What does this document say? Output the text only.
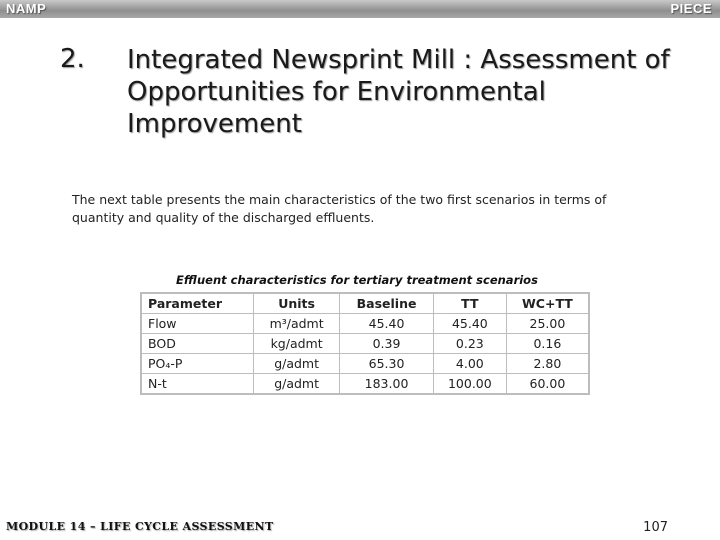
NAMP	PIECE
2. Integrated Newsprint Mill : Assessment of
Opportunities for Environmental
Improvement
The next table presents the main characteristics of the two first scenarios in terms of
quantity and quality of the discharged effluents.
Effluent characteristics for tertiary treatment scenarios
Parameter	Units	Baseline	TT	WC+TT
Flow	m³/admt	45.40	45.40	25.00
BOD	kg/admt	0.39	0.23	0.16
PO₄-P	g/admt	65.30	4.00	2.80
N-t	g/admt	183.00	100.00	60.00
MODULE 14 – LIFE CYCLE ASSESSMENT	107
